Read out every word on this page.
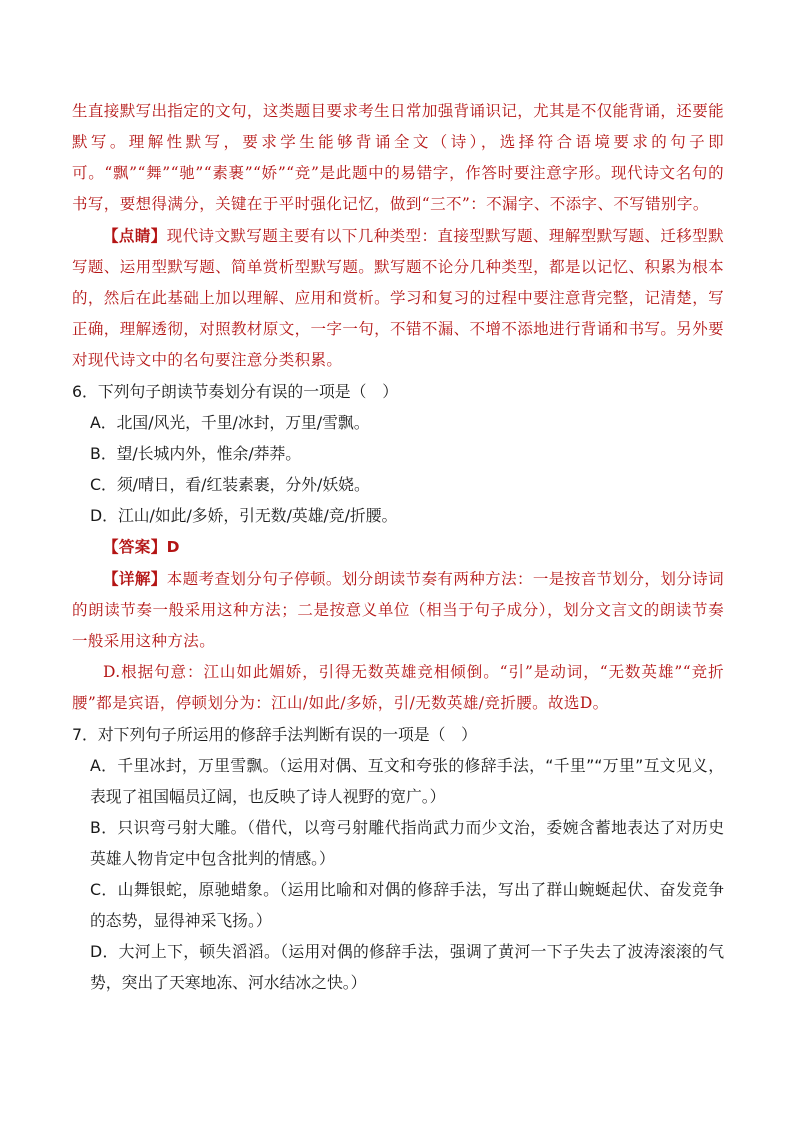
生直接默写出指定的文句，这类题目要求考生日常加强背诵识记，尤其是不仅能背诵，还要能默写。理解性默写，要求学生能够背诵全文（诗），选择符合语境要求的句子即可。“飘”“舞”“驰”“素裹”“娇”“竞”是此题中的易错字，作答时要注意字形。现代诗文名句的书写，要想得满分，关键在于平时强化记忆，做到“三不”：不漏字、不添字、不写错别字。

【点睛】现代诗文默写题主要有以下几种类型：直接型默写题、理解型默写题、迁移型默写题、运用型默写题、简单赏析型默写题。默写题不论分几种类型，都是以记忆、积累为根本的，然后在此基础上加以理解、应用和赏析。学习和复习的过程中要注意背完整，记清楚，写正确，理解透彻，对照教材原文，一字一句，不错不漏、不增不添地进行背诵和书写。另外要对现代诗文中的名句要注意分类积累。

6．下列句子朗读节奏划分有误的一项是（　）

A．北国/风光，千里/冰封，万里/雪飘。

B．望/长城内外，惟余/莽莽。

C．须/晴日，看/红装素裹，分外/妖娆。

D．江山/如此/多娇，引无数/英雄/竞/折腰。

【答案】D

【详解】本题考查划分句子停顿。划分朗读节奏有两种方法：一是按音节划分，划分诗词的朗读节奏一般采用这种方法；二是按意义单位（相当于句子成分），划分文言文的朗读节奏一般采用这种方法。

D.根据句意：江山如此媚娇，引得无数英雄竞相倾倒。“引”是动词，“无数英雄”“竞折腰”都是宾语，停顿划分为：江山/如此/多娇，引/无数英雄/竞折腰。故选D。

7．对下列句子所运用的修辞手法判断有误的一项是（　）

A．千里冰封，万里雪飘。（运用对偶、互文和夸张的修辞手法，“千里”“万里”互文见义，表现了祖国幅员辽阔，也反映了诗人视野的宽广。）

B．只识弯弓射大雕。（借代，以弯弓射雕代指尚武力而少文治，委婉含蓄地表达了对历史英雄人物肯定中包含批判的情感。）

C．山舞银蛇，原驰蜡象。（运用比喻和对偶的修辞手法，写出了群山蜿蜒起伏、奋发竞争的态势，显得神采飞扬。）

D．大河上下，顿失滔滔。（运用对偶的修辞手法，强调了黄河一下子失去了波涛滚滚的气势，突出了天寒地冻、河水结冰之快。）
